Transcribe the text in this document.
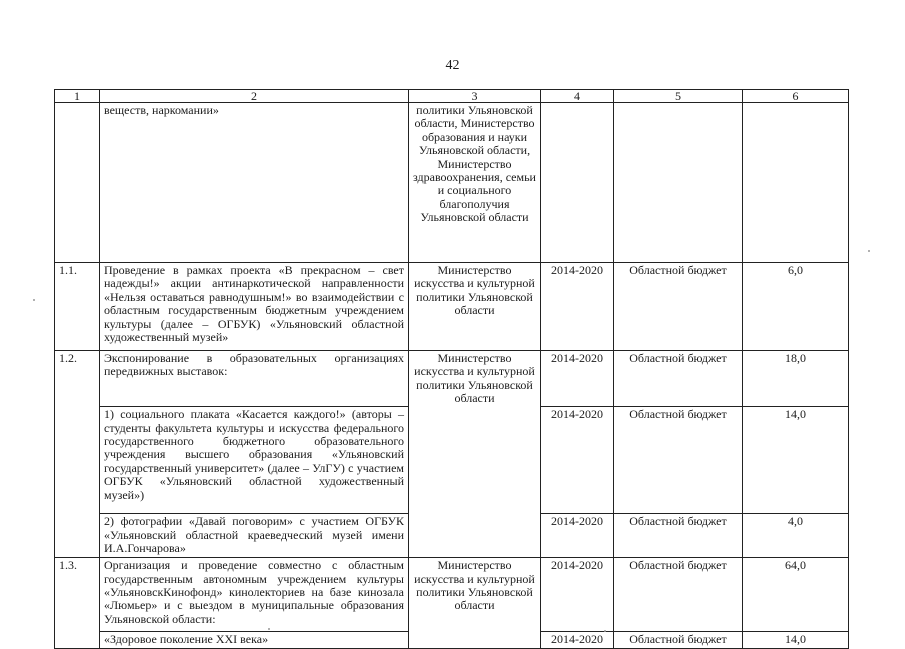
42
1	2	3	4	5	6
	веществ, наркомании»	политики Ульяновской области, Министерство образования и науки Ульяновской области, Министерство здравоохранения, семьи и социального благополучия Ульяновской области			
1.1.	Проведение в рамках проекта «В прекрасном – свет надежды!» акции антинаркотической направленности «Нельзя оставаться равнодушным!» во взаимодействии с областным государственным бюджетным учреждением культуры (далее – ОГБУК) «Ульяновский областной художественный музей»	Министерство искусства и культурной политики Ульяновской области	2014-2020	Областной бюджет	6,0
1.2.	Экспонирование в образовательных организациях передвижных выставок:	Министерство искусства и культурной политики Ульяновской области	2014-2020	Областной бюджет	18,0
	1) социального плаката «Касается каждого!» (авторы – студенты факультета культуры и искусства федерального государственного бюджетного образовательного учреждения высшего образования «Ульяновский государственный университет» (далее – УлГУ) с участием ОГБУК «Ульяновский областной художественный музей»)		2014-2020	Областной бюджет	14,0
	2) фотографии «Давай поговорим» с участием ОГБУК «Ульяновский областной краеведческий музей имени И.А.Гончарова»		2014-2020	Областной бюджет	4,0
1.3.	Организация и проведение совместно с областным государственным автономным учреждением культуры «УльяновскКинофонд» кинолекториев на базе кинозала «Люмьер» и с выездом в муниципальные образования Ульяновской области:	Министерство искусства и культурной политики Ульяновской области	2014-2020	Областной бюджет	64,0
	«Здоровое поколение XXI века»		2014-2020	Областной бюджет	14,0
